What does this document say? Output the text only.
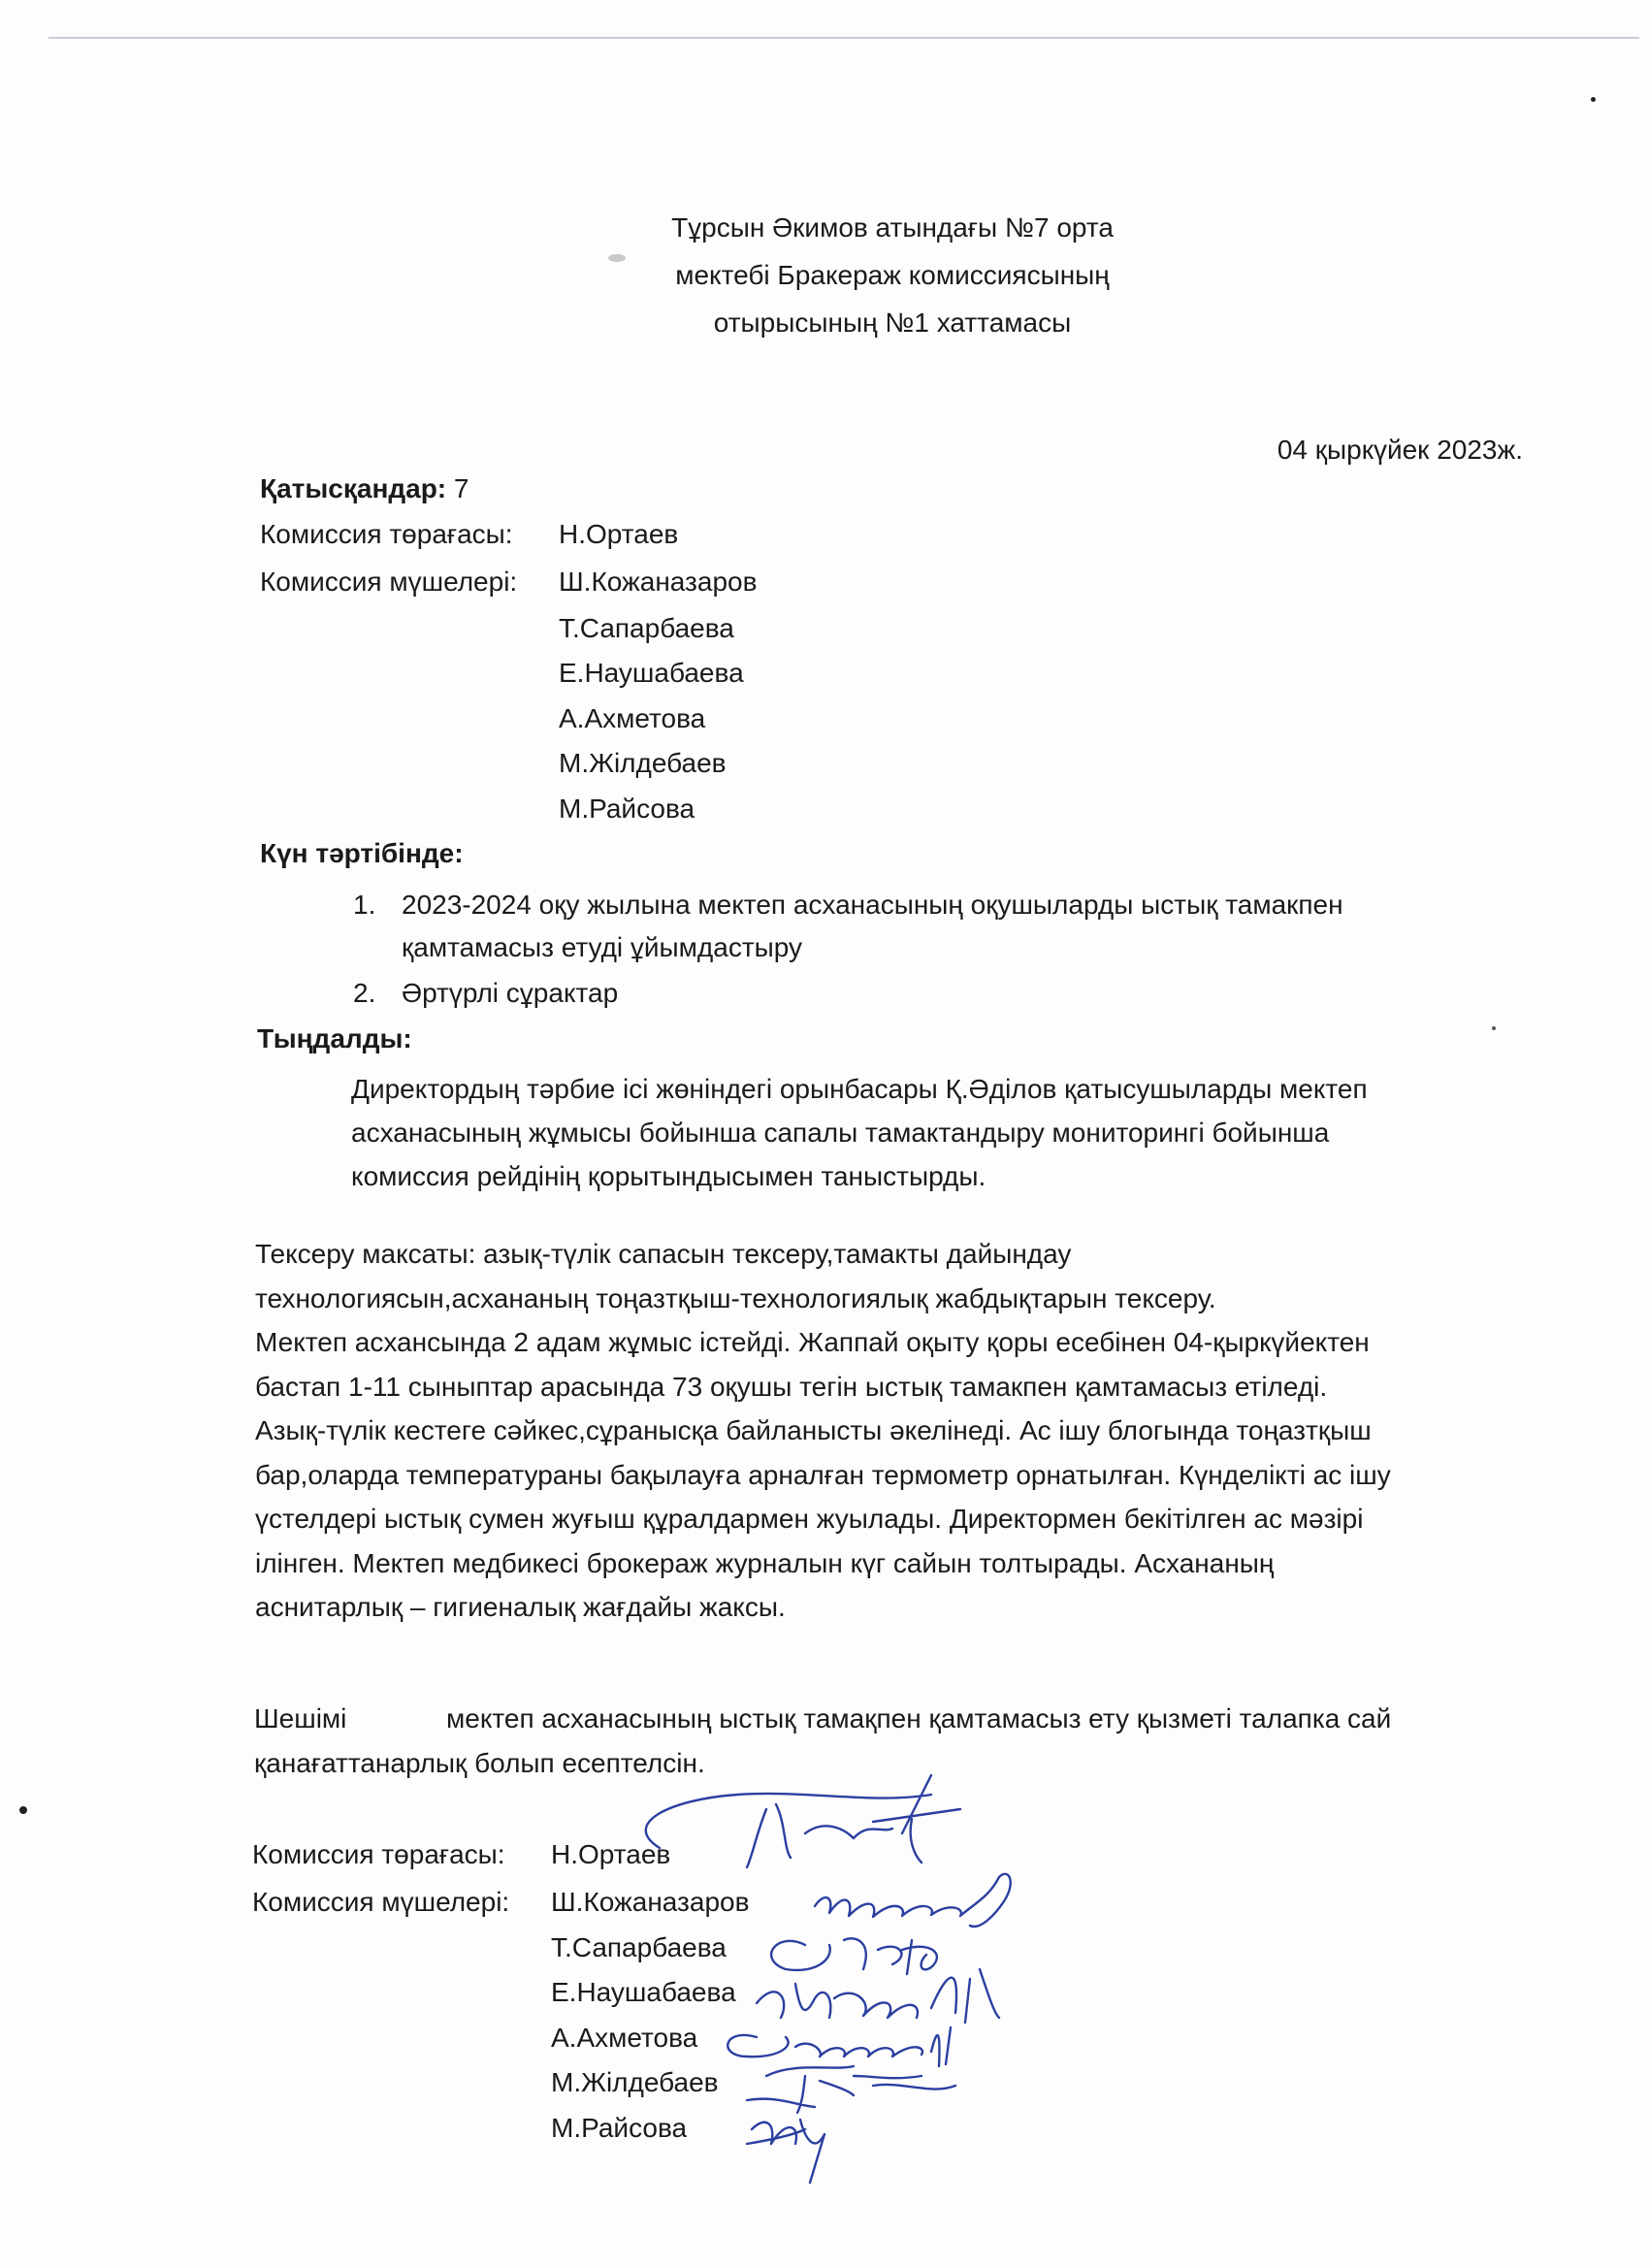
Тұрсын Әкимов атындағы №7 орта
мектебі Бракераж комиссиясының
отырысының №1 хаттамасы
04 қыркүйек 2023ж.
Қатысқандар: 7
Комиссия төрағасы: Н.Ортаев
Комиссия мүшелері: Ш.Кожаназаров
Т.Сапарбаева
Е.Наушабаева
А.Ахметова
М.Жілдебаев
М.Райсова
Күн тәртібінде:
1. 2023-2024 оқу жылына мектеп асханасының оқушыларды ыстық тамакпен
қамтамасыз етуді ұйымдастыру
2. Әртүрлі сұрактар
Тыңдалды:
Директордың тәрбие ісі жөніндегі орынбасары Қ.Әділов қатысушыларды мектеп
асханасының жұмысы бойынша сапалы тамактандыру мониторингі бойынша
комиссия рейдінің қорытындысымен таныстырды.
Тексеру максаты: азық-түлік сапасын тексеру,тамакты дайындау
технологиясын,асхананың тоңазтқыш-технологиялық жабдықтарын тексеру.
Мектеп асхансында 2 адам жұмыс істейді. Жаппай оқыту қоры есебінен 04-қыркүйектен
бастап 1-11 сыныптар арасында 73 оқушы тегін ыстық тамакпен қамтамасыз етіледі.
Азық-түлік кестеге сәйкес,сұранысқа байланысты әкелінеді. Ас ішу блогында тоңазтқыш
бар,оларда температураны бақылауға арналған термометр орнатылған. Күнделікті ас ішу
үстелдері ыстық сумен жуғыш құралдармен жуылады. Директормен бекітілген ас мәзірі
ілінген. Мектеп медбикесі брокераж журналын күг сайын толтырады. Асхананың
аснитарлық – гигиеналық жағдайы жаксы.
Шешімі	мектеп асханасының ыстық тамақпен қамтамасыз ету қызметі талапка сай
қанағаттанарлық болып есептелсін.
Комиссия төрағасы: Н.Ортаев
Комиссия мүшелері: Ш.Кожаназаров
Т.Сапарбаева
Е.Наушабаева
А.Ахметова
М.Жілдебаев
М.Райсова
